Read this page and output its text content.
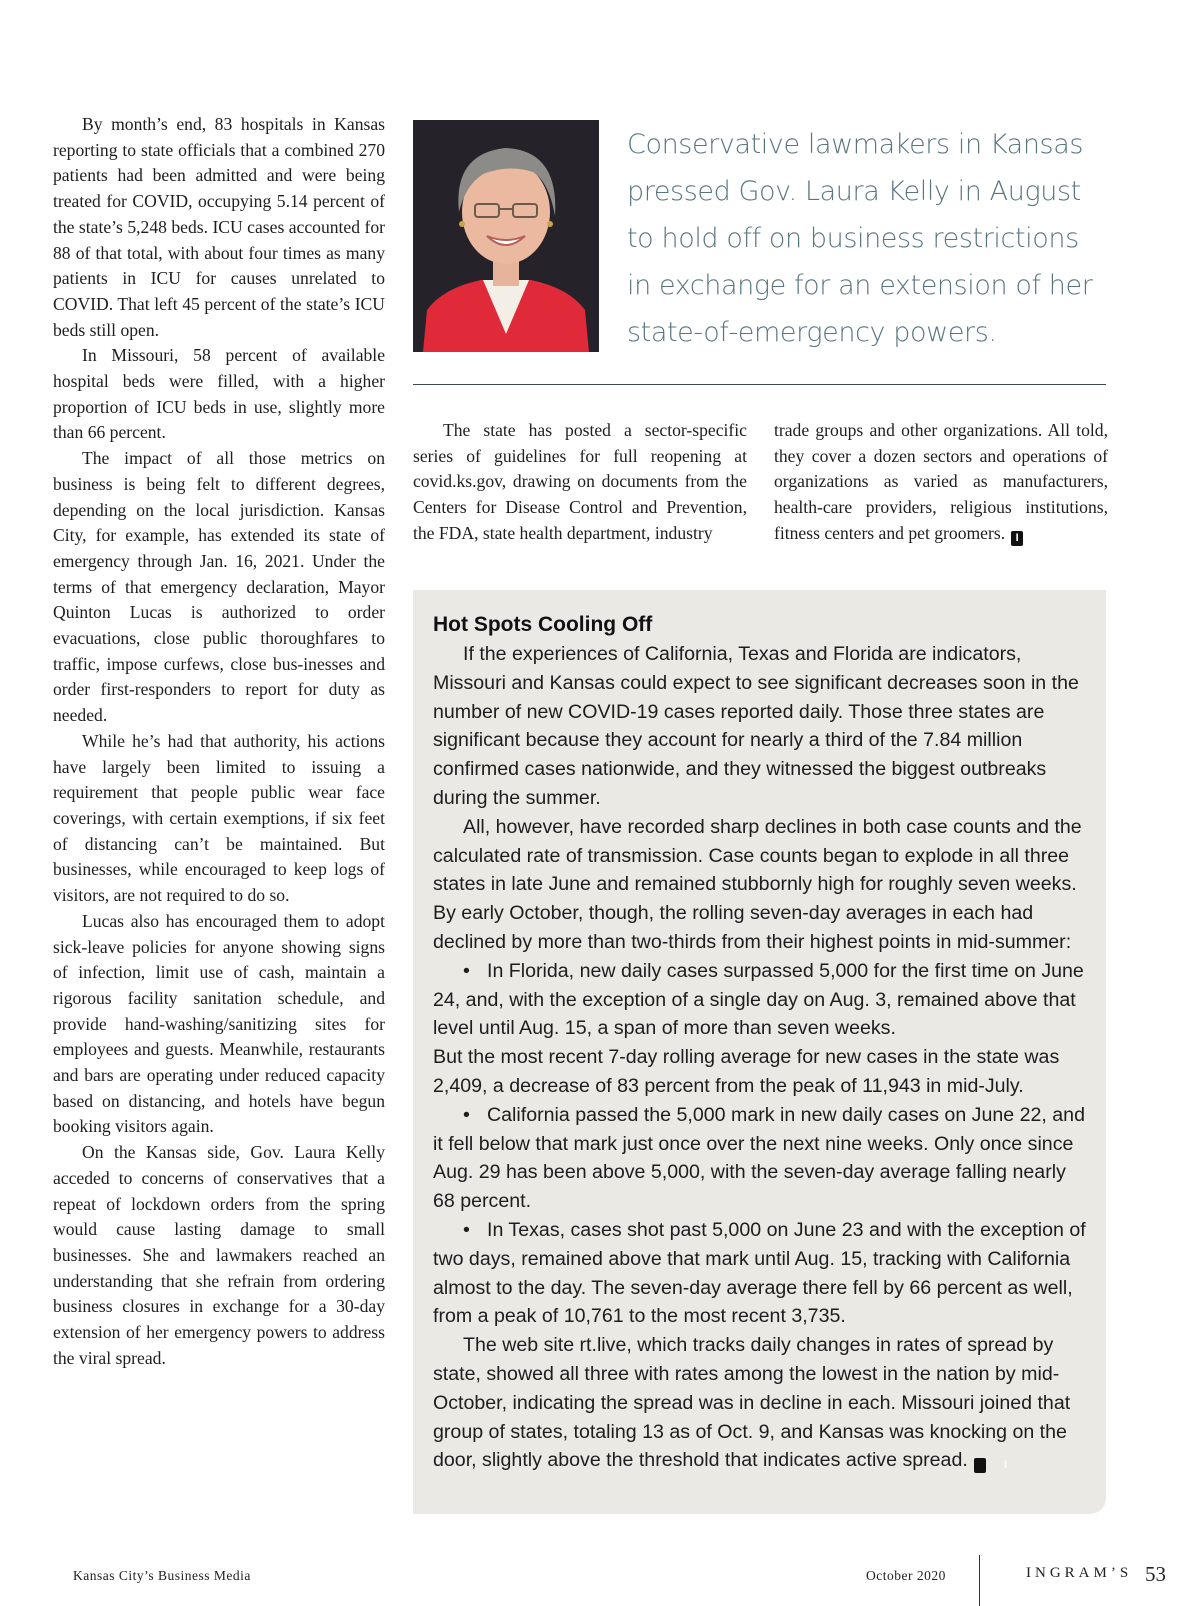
By month’s end, 83 hospitals in Kansas reporting to state officials that a combined 270 patients had been admitted and were being treated for COVID, occupying 5.14 percent of the state’s 5,248 beds. ICU cases accounted for 88 of that total, with about four times as many patients in ICU for causes unrelated to COVID. That left 45 percent of the state’s ICU beds still open.

In Missouri, 58 percent of available hospital beds were filled, with a higher proportion of ICU beds in use, slightly more than 66 percent.

The impact of all those metrics on business is being felt to different degrees, depending on the local jurisdiction. Kansas City, for example, has extended its state of emergency through Jan. 16, 2021. Under the terms of that emergency declaration, Mayor Quinton Lucas is authorized to order evacuations, close public thoroughfares to traffic, impose curfews, close bus-inesses and order first-responders to report for duty as needed.

While he’s had that authority, his actions have largely been limited to issuing a requirement that people public wear face coverings, with certain exemptions, if six feet of distancing can’t be maintained. But businesses, while encouraged to keep logs of visitors, are not required to do so.

Lucas also has encouraged them to adopt sick-leave policies for anyone showing signs of infection, limit use of cash, maintain a rigorous facility sanitation schedule, and provide hand-washing/sanitizing sites for employees and guests. Meanwhile, restaurants and bars are operating under reduced capacity based on distancing, and hotels have begun booking visitors again.

On the Kansas side, Gov. Laura Kelly acceded to concerns of conservatives that a repeat of lockdown orders from the spring would cause lasting damage to small businesses. She and lawmakers reached an understanding that she refrain from ordering business closures in exchange for a 30-day extension of her emergency powers to address the viral spread.

Conservative lawmakers in Kansas pressed Gov. Laura Kelly in August to hold off on business restrictions in exchange for an extension of her state-of-emergency powers.

The state has posted a sector-specific series of guidelines for full reopening at covid.ks.gov, drawing on documents from the Centers for Disease Control and Prevention, the FDA, state health department, industry

trade groups and other organizations. All told, they cover a dozen sectors and operations of organizations as varied as manufacturers, health-care providers, religious institutions, fitness centers and pet groomers. I

Hot Spots Cooling Off

If the experiences of California, Texas and Florida are indicators, Missouri and Kansas could expect to see significant decreases soon in the number of new COVID-19 cases reported daily. Those three states are significant because they account for nearly a third of the 7.84 million confirmed cases nationwide, and they witnessed the biggest outbreaks during the summer.

All, however, have recorded sharp declines in both case counts and the calculated rate of transmission. Case counts began to explode in all three states in late June and remained stubbornly high for roughly seven weeks. By early October, though, the rolling seven-day averages in each had declined by more than two-thirds from their highest points in mid-summer:

• In Florida, new daily cases surpassed 5,000 for the first time on June 24, and, with the exception of a single day on Aug. 3, remained above that level until Aug. 15, a span of more than seven weeks.

But the most recent 7-day rolling average for new cases in the state was 2,409, a decrease of 83 percent from the peak of 11,943 in mid-July.

• California passed the 5,000 mark in new daily cases on June 22, and it fell below that mark just once over the next nine weeks. Only once since Aug. 29 has been above 5,000, with the seven-day average falling nearly 68 percent.

• In Texas, cases shot past 5,000 on June 23 and with the exception of two days, remained above that mark until Aug. 15, tracking with California almost to the day. The seven-day average there fell by 66 percent as well, from a peak of 10,761 to the most recent 3,735.

The web site rt.live, which tracks daily changes in rates of spread by state, showed all three with rates among the lowest in the nation by mid-October, indicating the spread was in decline in each. Missouri joined that group of states, totaling 13 as of Oct. 9, and Kansas was knocking on the door, slightly above the threshold that indicates active spread.	I

Kansas City’s Business Media	October 2020	INGRAM’S 53
